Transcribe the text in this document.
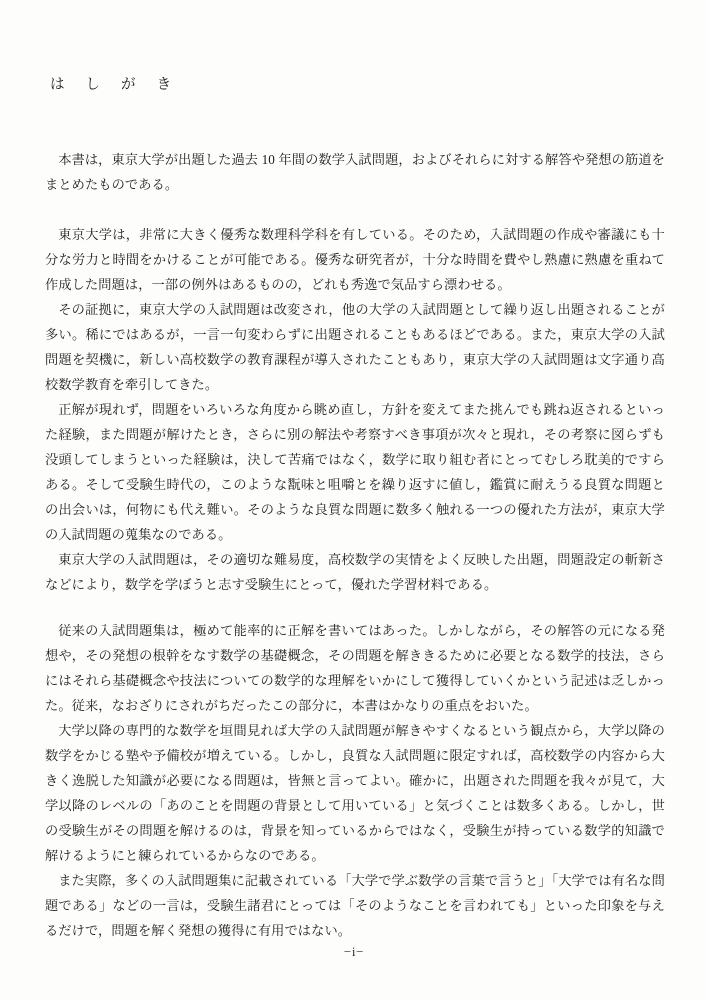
はしがき

本書は，東京大学が出題した過去 10 年間の数学入試問題，およびそれらに対する解答や発想の筋道をまとめたものである。

東京大学は，非常に大きく優秀な数理科学科を有している。そのため，入試問題の作成や審議にも十分な労力と時間をかけることが可能である。優秀な研究者が，十分な時間を費やし熟慮に熟慮を重ねて作成した問題は，一部の例外はあるものの，どれも秀逸で気品すら漂わせる。

その証拠に，東京大学の入試問題は改変され，他の大学の入試問題として繰り返し出題されることが多い。稀にではあるが，一言一句変わらずに出題されることもあるほどである。また，東京大学の入試問題を契機に，新しい高校数学の教育課程が導入されたこともあり，東京大学の入試問題は文字通り高校数学教育を牽引してきた。

正解が現れず，問題をいろいろな角度から眺め直し，方針を変えてまた挑んでも跳ね返されるといった経験，また問題が解けたとき，さらに別の解法や考察すべき事項が次々と現れ，その考察に図らずも没頭してしまうといった経験は，決して苦痛ではなく，数学に取り組む者にとってむしろ耽美的ですらある。そして受験生時代の，このような翫味と咀嚼とを繰り返すに値し，鑑賞に耐えうる良質な問題との出会いは，何物にも代え難い。そのような良質な問題に数多く触れる一つの優れた方法が，東京大学の入試問題の蒐集なのである。

東京大学の入試問題は，その適切な難易度，高校数学の実情をよく反映した出題，問題設定の斬新さなどにより，数学を学ぼうと志す受験生にとって，優れた学習材料である。

従来の入試問題集は，極めて能率的に正解を書いてはあった。しかしながら，その解答の元になる発想や，その発想の根幹をなす数学の基礎概念，その問題を解ききるために必要となる数学的技法，さらにはそれら基礎概念や技法についての数学的な理解をいかにして獲得していくかという記述は乏しかった。従来，なおざりにされがちだったこの部分に，本書はかなりの重点をおいた。

大学以降の専門的な数学を垣間見れば大学の入試問題が解きやすくなるという観点から，大学以降の数学をかじる塾や予備校が増えている。しかし，良質な入試問題に限定すれば，高校数学の内容から大きく逸脱した知識が必要になる問題は，皆無と言ってよい。確かに，出題された問題を我々が見て，大学以降のレベルの「あのことを問題の背景として用いている」と気づくことは数多くある。しかし，世の受験生がその問題を解けるのは，背景を知っているからではなく，受験生が持っている数学的知識で解けるようにと練られているからなのである。

また実際，多くの入試問題集に記載されている「大学で学ぶ数学の言葉で言うと」「大学では有名な問題である」などの一言は，受験生諸君にとっては「そのようなことを言われても」といった印象を与えるだけで，問題を解く発想の獲得に有用ではない。

−i−
